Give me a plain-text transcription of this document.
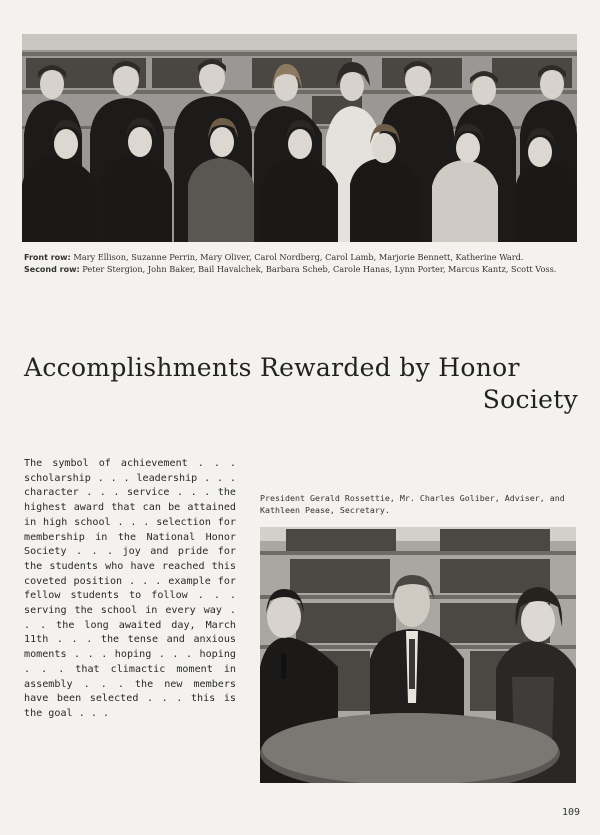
Front row: Mary Ellison, Suzanne Perrin, Mary Oliver, Carol Nordberg, Carol Lamb, Marjorie Bennett, Katherine Ward.
Second row: Peter Stergion, John Baker, Bail Havalchek, Barbara Scheb, Carole Hanas, Lynn Porter, Marcus Kantz, Scott Voss.
Accomplishments Rewarded by Honor
Society
The symbol of achievement . . . scholarship . . . leadership . . . character . . . service . . . the highest award that can be attained in high school . . . selection for membership in the National Honor Society . . . joy and pride for the students who have reached this coveted position . . . example for fellow students to follow . . . serving the school in every way . . . the long awaited day, March 11th . . . the tense and anxious moments . . . hoping . . . hoping . . . that climactic moment in assembly . . . the new members have been selected . . . this is the goal . . .
President Gerald Rossettie, Mr. Charles Goliber, Adviser, and Kathleen Pease, Secretary.
109
